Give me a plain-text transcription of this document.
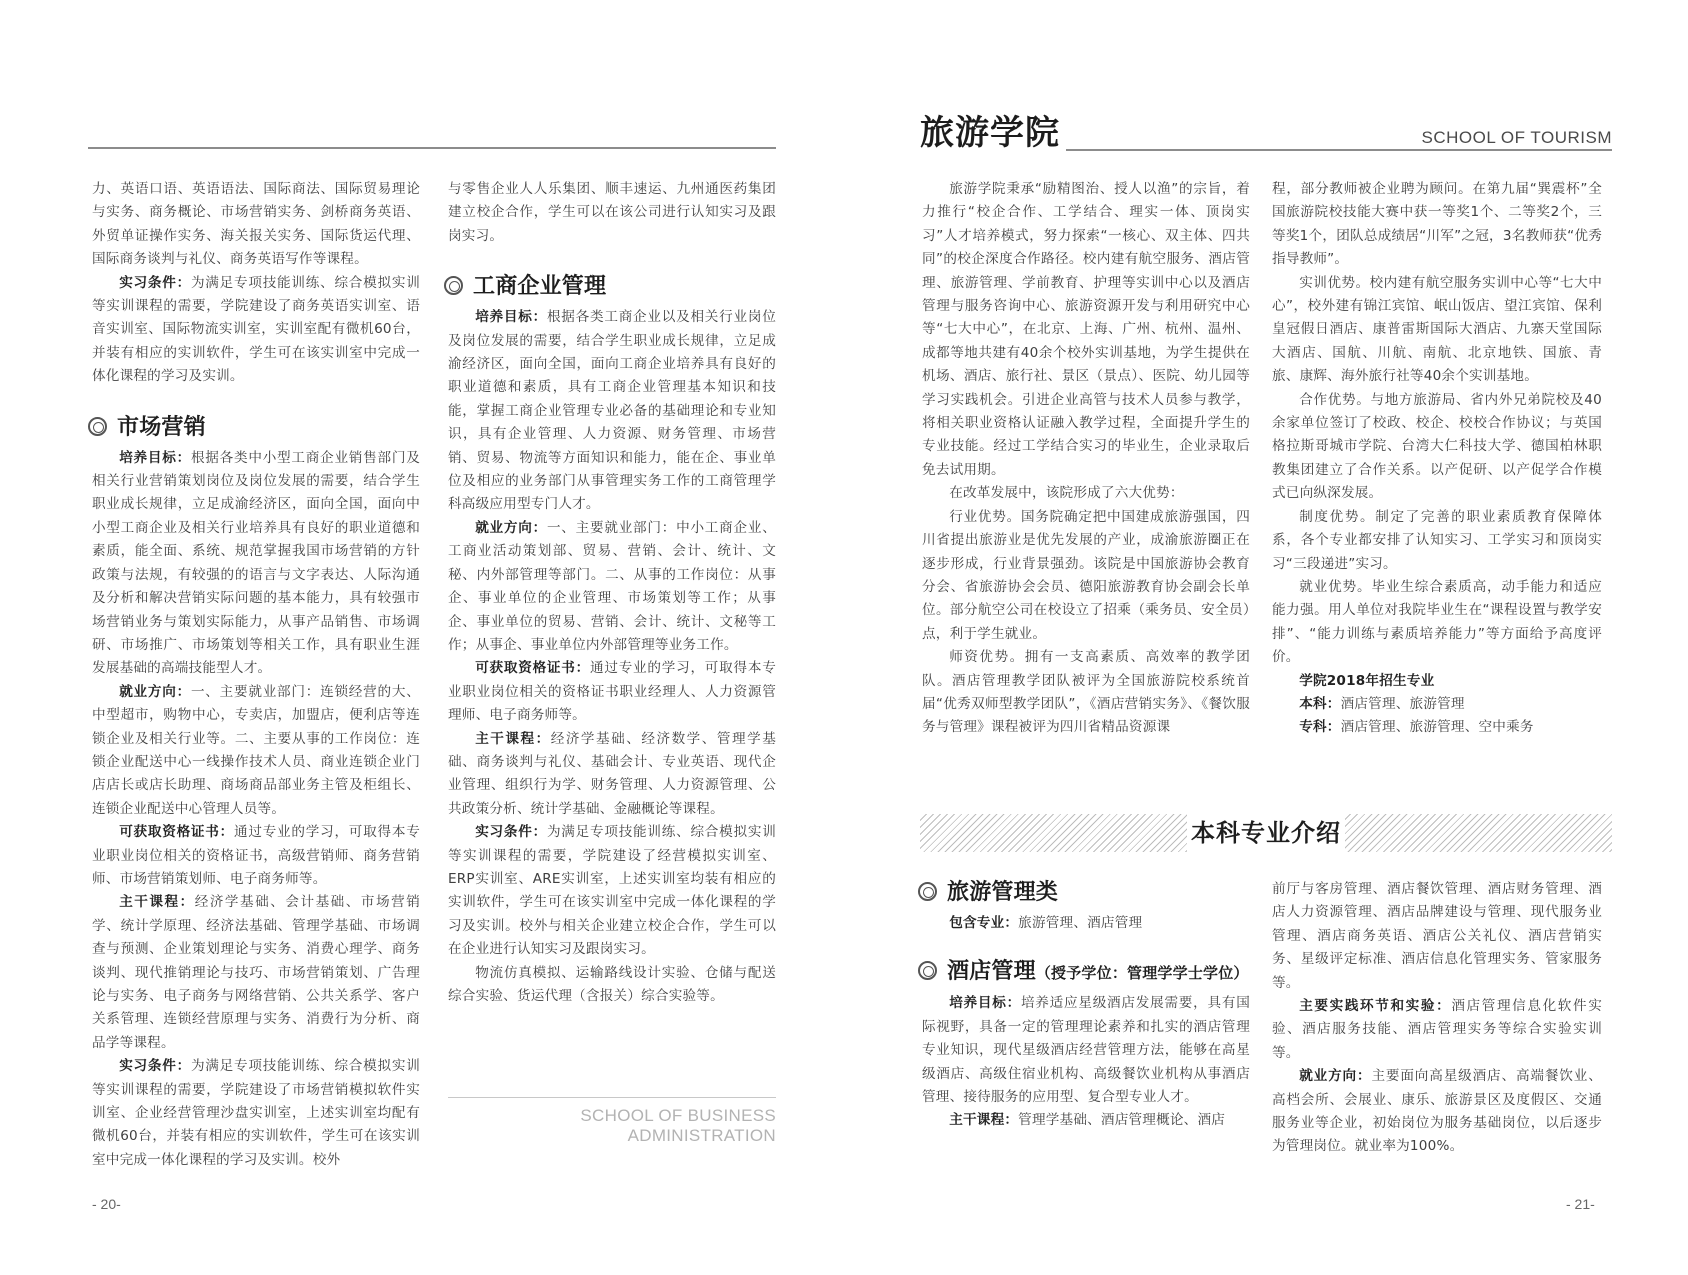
力、英语口语、英语语法、国际商法、国际贸易理论与实务、商务概论、市场营销实务、剑桥商务英语、外贸单证操作实务、海关报关实务、国际货运代理、国际商务谈判与礼仪、商务英语写作等课程。

实习条件：为满足专项技能训练、综合模拟实训等实训课程的需要，学院建设了商务英语实训室、语音实训室、国际物流实训室，实训室配有微机60台，并装有相应的实训软件，学生可在该实训室中完成一体化课程的学习及实训。

市场营销

培养目标：根据各类中小型工商企业销售部门及相关行业营销策划岗位及岗位发展的需要，结合学生职业成长规律，立足成渝经济区，面向全国，面向中小型工商企业及相关行业培养具有良好的职业道德和素质，能全面、系统、规范掌握我国市场营销的方针政策与法规，有较强的的语言与文字表达、人际沟通及分析和解决营销实际问题的基本能力，具有较强市场营销业务与策划实际能力，从事产品销售、市场调研、市场推广、市场策划等相关工作，具有职业生涯发展基础的高端技能型人才。

就业方向：一、主要就业部门：连锁经营的大、中型超市，购物中心，专卖店，加盟店，便利店等连锁企业及相关行业等。二、主要从事的工作岗位：连锁企业配送中心一线操作技术人员、商业连锁企业门店店长或店长助理、商场商品部业务主管及柜组长、连锁企业配送中心管理人员等。

可获取资格证书：通过专业的学习，可取得本专业职业岗位相关的资格证书，高级营销师、商务营销师、市场营销策划师、电子商务师等。

主干课程：经济学基础、会计基础、市场营销学、统计学原理、经济法基础、管理学基础、市场调查与预测、企业策划理论与实务、消费心理学、商务谈判、现代推销理论与技巧、市场营销策划、广告理论与实务、电子商务与网络营销、公共关系学、客户关系管理、连锁经营原理与实务、消费行为分析、商品学等课程。

实习条件：为满足专项技能训练、综合模拟实训等实训课程的需要，学院建设了市场营销模拟软件实训室、企业经营管理沙盘实训室，上述实训室均配有微机60台，并装有相应的实训软件，学生可在该实训室中完成一体化课程的学习及实训。校外

与零售企业人人乐集团、顺丰速运、九州通医药集团建立校企合作，学生可以在该公司进行认知实习及跟岗实习。

工商企业管理

培养目标：根据各类工商企业以及相关行业岗位及岗位发展的需要，结合学生职业成长规律，立足成渝经济区，面向全国，面向工商企业培养具有良好的职业道德和素质，具有工商企业管理基本知识和技能，掌握工商企业管理专业必备的基础理论和专业知识，具有企业管理、人力资源、财务管理、市场营销、贸易、物流等方面知识和能力，能在企、事业单位及相应的业务部门从事管理实务工作的工商管理学科高级应用型专门人才。

就业方向：一、主要就业部门：中小工商企业、工商业活动策划部、贸易、营销、会计、统计、文秘、内外部管理等部门。二、从事的工作岗位：从事企、事业单位的企业管理、市场策划等工作；从事企、事业单位的贸易、营销、会计、统计、文秘等工作；从事企、事业单位内外部管理等业务工作。

可获取资格证书：通过专业的学习，可取得本专业职业岗位相关的资格证书职业经理人、人力资源管理师、电子商务师等。

主干课程：经济学基础、经济数学、管理学基础、商务谈判与礼仪、基础会计、专业英语、现代企业管理、组织行为学、财务管理、人力资源管理、公共政策分析、统计学基础、金融概论等课程。

实习条件：为满足专项技能训练、综合模拟实训等实训课程的需要，学院建设了经营模拟实训室、ERP实训室、ARE实训室，上述实训室均装有相应的实训软件，学生可在该实训室中完成一体化课程的学习及实训。校外与相关企业建立校企合作，学生可以在企业进行认知实习及跟岗实习。

物流仿真模拟、运输路线设计实验、仓储与配送综合实验、货运代理（含报关）综合实验等。

SCHOOL OF BUSINESS
ADMINISTRATION
- 20-
旅游学院	SCHOOL OF TOURISM

旅游学院秉承“励精图治、授人以渔”的宗旨，着力推行“校企合作、工学结合、理实一体、顶岗实习”人才培养模式，努力探索“一核心、双主体、四共同”的校企深度合作路径。校内建有航空服务、酒店管理、旅游管理、学前教育、护理等实训中心以及酒店管理与服务咨询中心、旅游资源开发与利用研究中心等“七大中心”，在北京、上海、广州、杭州、温州、成都等地共建有40余个校外实训基地，为学生提供在机场、酒店、旅行社、景区（景点）、医院、幼儿园等学习实践机会。引进企业高管与技术人员参与教学，将相关职业资格认证融入教学过程，全面提升学生的专业技能。经过工学结合实习的毕业生，企业录取后免去试用期。

在改革发展中，该院形成了六大优势：

行业优势。国务院确定把中国建成旅游强国，四川省提出旅游业是优先发展的产业，成渝旅游圈正在逐步形成，行业背景强劲。该院是中国旅游协会教育分会、省旅游协会会员、德阳旅游教育协会副会长单位。部分航空公司在校设立了招乘（乘务员、安全员）点，利于学生就业。

师资优势。拥有一支高素质、高效率的教学团队。酒店管理教学团队被评为全国旅游院校系统首届“优秀双师型教学团队”，《酒店营销实务》、《餐饮服务与管理》课程被评为四川省精品资源课

程，部分教师被企业聘为顾问。在第九届“巽震杯”全国旅游院校技能大赛中获一等奖1个、二等奖2个，三等奖1个，团队总成绩居“川军”之冠，3名教师获“优秀指导教师”。

实训优势。校内建有航空服务实训中心等“七大中心”，校外建有锦江宾馆、岷山饭店、望江宾馆、保利皇冠假日酒店、康普雷斯国际大酒店、九寨天堂国际大酒店、国航、川航、南航、北京地铁、国旅、青旅、康辉、海外旅行社等40余个实训基地。

合作优势。与地方旅游局、省内外兄弟院校及40余家单位签订了校政、校企、校校合作协议；与英国格拉斯哥城市学院、台湾大仁科技大学、德国柏林职教集团建立了合作关系。以产促研、以产促学合作模式已向纵深发展。

制度优势。制定了完善的职业素质教育保障体系，各个专业都安排了认知实习、工学实习和顶岗实习“三段递进”实习。

就业优势。毕业生综合素质高，动手能力和适应能力强。用人单位对我院毕业生在“课程设置与教学安排”、“能力训练与素质培养能力”等方面给予高度评价。

学院2018年招生专业

本科：酒店管理、旅游管理

专科：酒店管理、旅游管理、空中乘务

本科专业介绍
旅游管理类

包含专业：旅游管理、酒店管理

酒店管理（授予学位：管理学学士学位）

培养目标：培养适应星级酒店发展需要，具有国际视野，具备一定的管理理论素养和扎实的酒店管理专业知识，现代星级酒店经营管理方法，能够在高星级酒店、高级住宿业机构、高级餐饮业机构从事酒店管理、接待服务的应用型、复合型专业人才。

主干课程：管理学基础、酒店管理概论、酒店

前厅与客房管理、酒店餐饮管理、酒店财务管理、酒店人力资源管理、酒店品牌建设与管理、现代服务业管理、酒店商务英语、酒店公关礼仪、酒店营销实务、星级评定标准、酒店信息化管理实务、管家服务等。

主要实践环节和实验：酒店管理信息化软件实验、酒店服务技能、酒店管理实务等综合实验实训等。

就业方向：主要面向高星级酒店、高端餐饮业、高档会所、会展业、康乐、旅游景区及度假区、交通服务业等企业，初始岗位为服务基础岗位，以后逐步为管理岗位。就业率为100%。

- 21-
